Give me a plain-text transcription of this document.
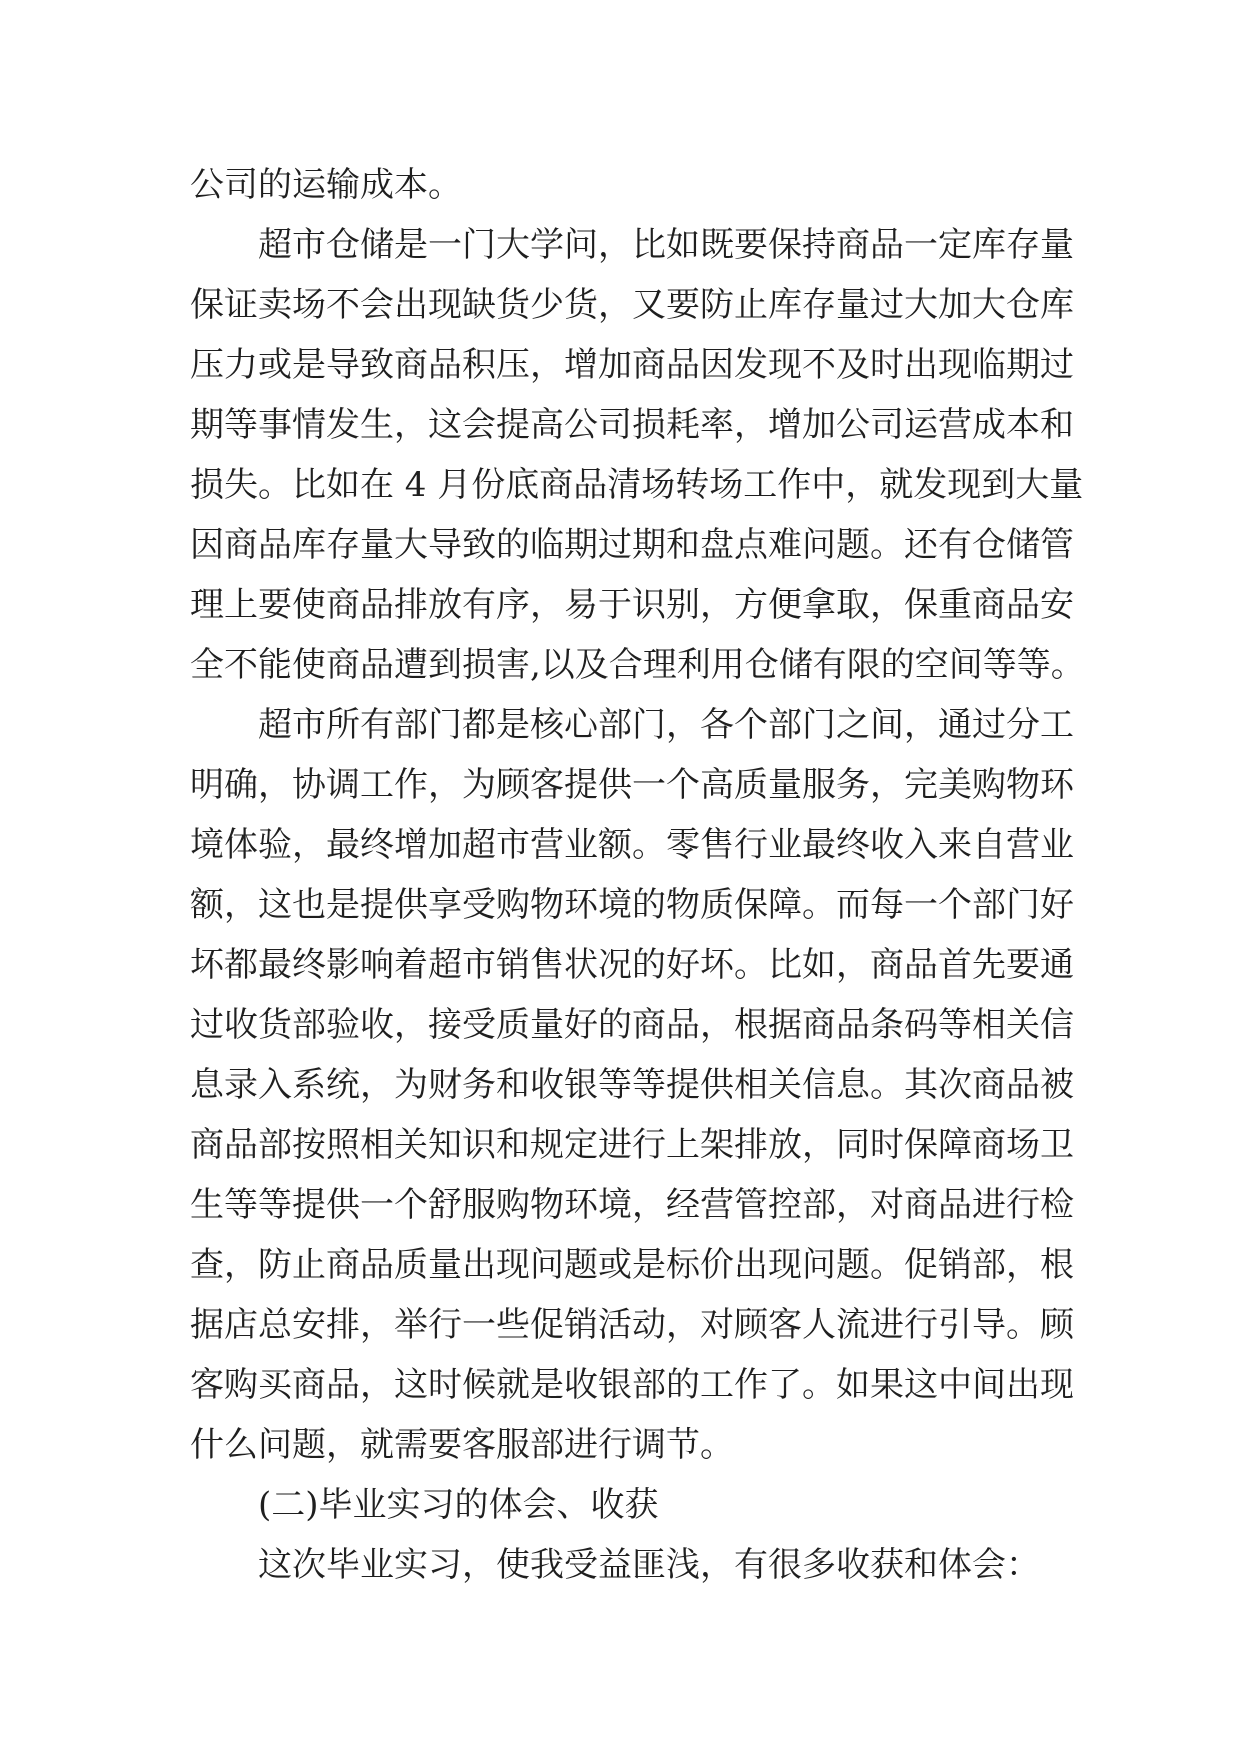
公司的运输成本。
超市仓储是一门大学问，比如既要保持商品一定库存量
保证卖场不会出现缺货少货，又要防止库存量过大加大仓库
压力或是导致商品积压，增加商品因发现不及时出现临期过
期等事情发生，这会提高公司损耗率，增加公司运营成本和
损失。比如在 4 月份底商品清场转场工作中，就发现到大量
因商品库存量大导致的临期过期和盘点难问题。还有仓储管
理上要使商品排放有序，易于识别，方便拿取，保重商品安
全不能使商品遭到损害,以及合理利用仓储有限的空间等等。
超市所有部门都是核心部门，各个部门之间，通过分工
明确，协调工作，为顾客提供一个高质量服务，完美购物环
境体验，最终增加超市营业额。零售行业最终收入来自营业
额，这也是提供享受购物环境的物质保障。而每一个部门好
坏都最终影响着超市销售状况的好坏。比如，商品首先要通
过收货部验收，接受质量好的商品，根据商品条码等相关信
息录入系统，为财务和收银等等提供相关信息。其次商品被
商品部按照相关知识和规定进行上架排放，同时保障商场卫
生等等提供一个舒服购物环境，经营管控部，对商品进行检
查，防止商品质量出现问题或是标价出现问题。促销部，根
据店总安排，举行一些促销活动，对顾客人流进行引导。顾
客购买商品，这时候就是收银部的工作了。如果这中间出现
什么问题，就需要客服部进行调节。
(二)毕业实习的体会、收获
这次毕业实习，使我受益匪浅，有很多收获和体会：
